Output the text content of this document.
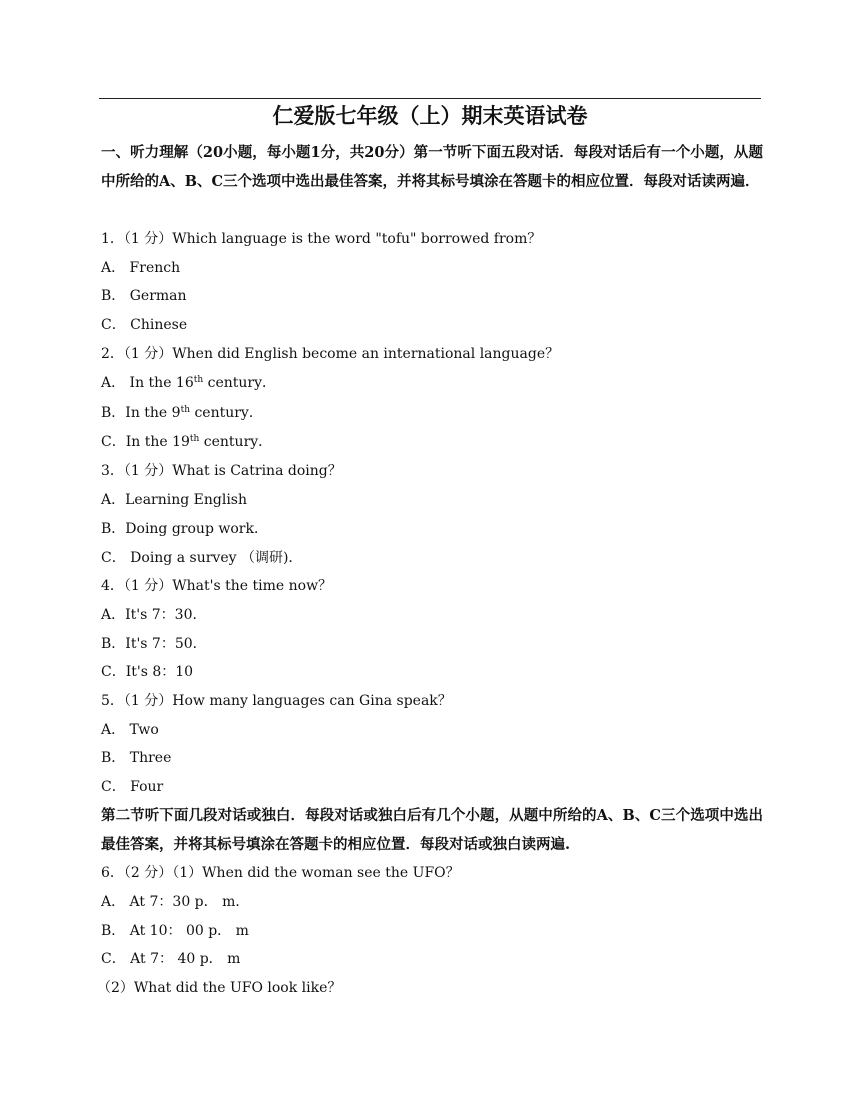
仁爱版七年级（上）期末英语试卷
一、听力理解（20小题，每小题1分，共20分）第一节听下面五段对话．每段对话后有一个小题，从题中所给的A、B、C三个选项中选出最佳答案，并将其标号填涂在答题卡的相应位置．每段对话读两遍．
1．（1 分）Which language is the word "tofu" borrowed from？
A． French
B． German
C． Chinese
2．（1 分）When did English become an international language？
A． In the 16th century．
B．In the 9th century．
C．In the 19th century．
3．（1 分）What is Catrina doing？
A．Learning English
B．Doing group work．
C． Doing a survey （调研)．
4．（1 分）What's the time now？
A．It's 7：30．
B．It's 7：50．
C．It's 8：10
5．（1 分）How many languages can Gina speak？
A． Two
B． Three
C． Four
第二节听下面几段对话或独白．每段对话或独白后有几个小题，从题中所给的A、B、C三个选项中选出最佳答案，并将其标号填涂在答题卡的相应位置．每段对话或独白读两遍.
6．（2 分）（1）When did the woman see the UFO？
A． At 7：30 p． m．
B． At 10： 00 p． m
C． At 7： 40 p． m
（2）What did the UFO look like？
